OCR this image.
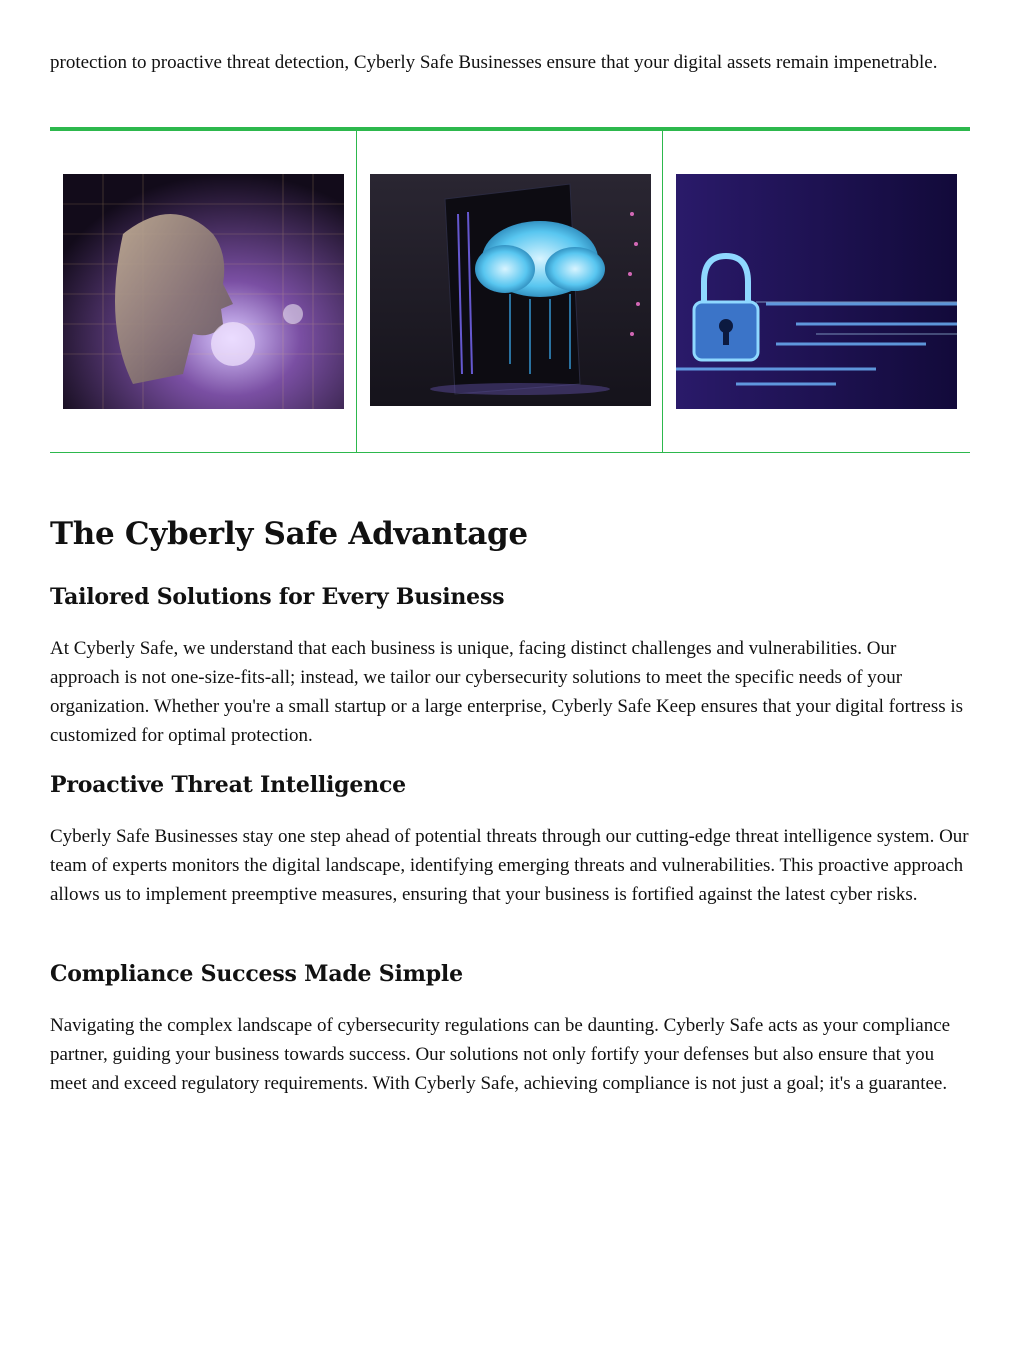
protection to proactive threat detection, Cyberly Safe Businesses ensure that your digital assets remain impenetrable.

The Cyberly Safe Advantage
Tailored Solutions for Every Business

At Cyberly Safe, we understand that each business is unique, facing distinct challenges and vulnerabilities. Our approach is not one-size-fits-all; instead, we tailor our cybersecurity solutions to meet the specific needs of your organization. Whether you're a small startup or a large enterprise, Cyberly Safe Keep ensures that your digital fortress is customized for optimal protection.

Proactive Threat Intelligence

Cyberly Safe Businesses stay one step ahead of potential threats through our cutting-edge threat intelligence system. Our team of experts monitors the digital landscape, identifying emerging threats and vulnerabilities. This proactive approach allows us to implement preemptive measures, ensuring that your business is fortified against the latest cyber risks.

Compliance Success Made Simple

Navigating the complex landscape of cybersecurity regulations can be daunting. Cyberly Safe acts as your compliance partner, guiding your business towards success. Our solutions not only fortify your defenses but also ensure that you meet and exceed regulatory requirements. With Cyberly Safe, achieving compliance is not just a goal; it's a guarantee.
